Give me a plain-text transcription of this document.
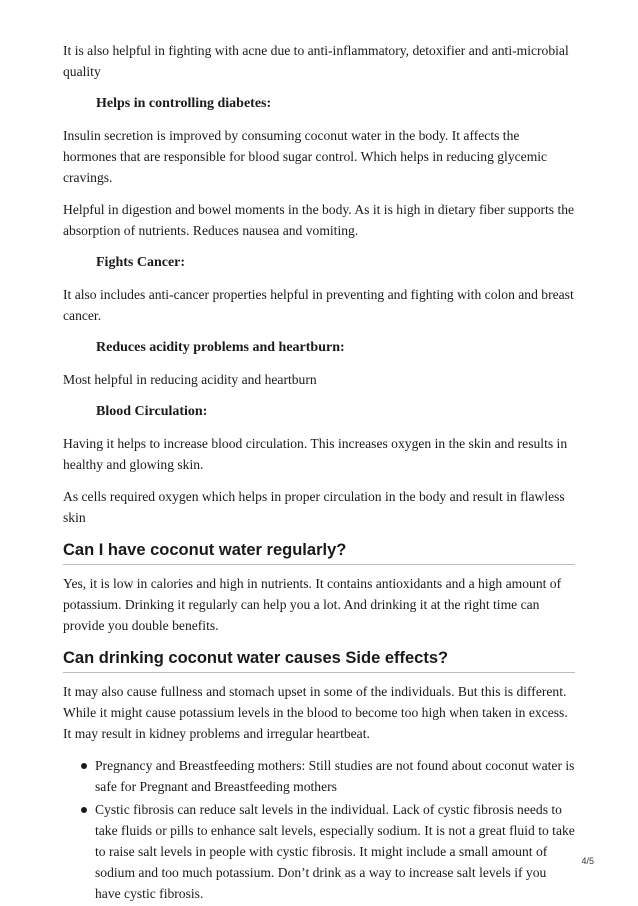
It is also helpful in fighting with acne due to anti-inflammatory, detoxifier and anti-microbial quality

Helps in controlling diabetes:

Insulin secretion is improved by consuming coconut water in the body. It affects the hormones that are responsible for blood sugar control. Which helps in reducing glycemic cravings.

Helpful in digestion and bowel moments in the body. As it is high in dietary fiber supports the absorption of nutrients. Reduces nausea and vomiting.

Fights Cancer:

It also includes anti-cancer properties helpful in preventing and fighting with colon and breast cancer.

Reduces acidity problems and heartburn:

Most helpful in reducing acidity and heartburn

Blood Circulation:

Having it helps to increase blood circulation. This increases oxygen in the skin and results in healthy and glowing skin.

As cells required oxygen which helps in proper circulation in the body and result in flawless skin

Can I have coconut water regularly?

Yes, it is low in calories and high in nutrients. It contains antioxidants and a high amount of potassium. Drinking it regularly can help you a lot. And drinking it at the right time can provide you double benefits.

Can drinking coconut water causes Side effects?

It may also cause fullness and stomach upset in some of the individuals. But this is different. While it might cause potassium levels in the blood to become too high when taken in excess. It may result in kidney problems and irregular heartbeat.

Pregnancy and Breastfeeding mothers: Still studies are not found about coconut water is safe for Pregnant and Breastfeeding mothers
Cystic fibrosis can reduce salt levels in the individual. Lack of cystic fibrosis needs to take fluids or pills to enhance salt levels, especially sodium. It is not a great fluid to take to raise salt levels in people with cystic fibrosis. It might include a small amount of sodium and too much potassium. Don’t drink as a way to increase salt levels if you have cystic fibrosis.
4/5
